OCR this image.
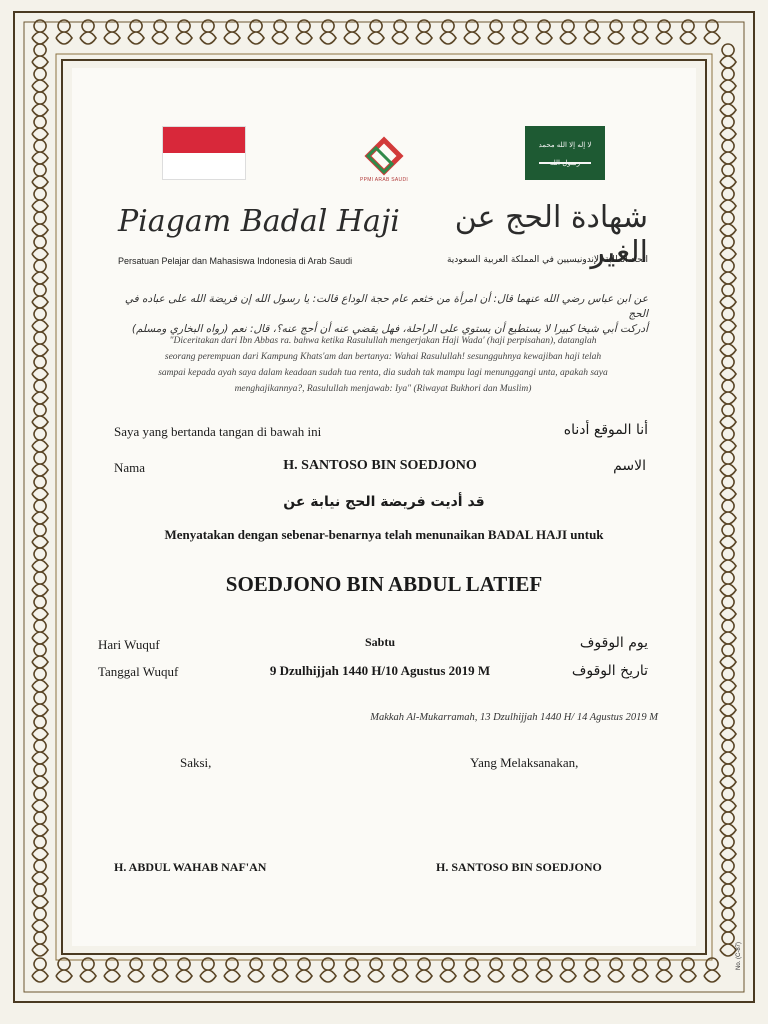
لا إله إلا الله محمد
PPMI ARAB SAUDI
Piagam Badal Haji	شهادة الحج عن الغير
Persatuan Pelajar dan Mahasiswa Indonesia di Arab Saudi	اتحاد الطلبة الإندونيسيين في المملكة العربية السعودية
عن ابن عباس رضي الله عنهما قال: أن امرأة من خثعم عام حجة الوداع قالت: يا رسول الله إن فريضة الله على عباده في الحج
أدركت أبي شيخا كبيرا لا يستطيع أن يستوي على الراحلة، فهل يقضي عنه أن أحج عنه؟، قال: نعم (رواه البخاري ومسلم)
"Diceritakan dari Ibn Abbas ra. bahwa ketika Rasulullah mengerjakan Haji Wada' (haji perpisahan), datanglah
seorang perempuan dari Kampung Khats'am dan bertanya: Wahai Rasulullah! sesungguhnya kewajiban haji telah
sampai kepada ayah saya dalam keadaan sudah tua renta, dia sudah tak mampu lagi menunggangi unta, apakah saya
menghajikannya?, Rasulullah menjawab: Iya" (Riwayat Bukhori dan Muslim)
Saya yang bertanda tangan di bawah ini	أنا الموقع أدناه
Nama	H. SANTOSO BIN SOEDJONO	الاسم
قد أديت فريضة الحج نيابة عن
Menyatakan dengan sebenar-benarnya telah menunaikan BADAL HAJI untuk
SOEDJONO BIN ABDUL LATIEF
Hari Wuquf	Sabtu	يوم الوقوف
Tanggal Wuquf	9 Dzulhijjah 1440 H/10 Agustus 2019 M	تاريخ الوقوف
Makkah Al-Mukarramah, 13 Dzulhijjah 1440 H/ 14 Agustus 2019 M
Saksi,	Yang Melaksanakan,
H. ABDUL WAHAB NAF'AN	H. SANTOSO BIN SOEDJONO
No. (C-87)
